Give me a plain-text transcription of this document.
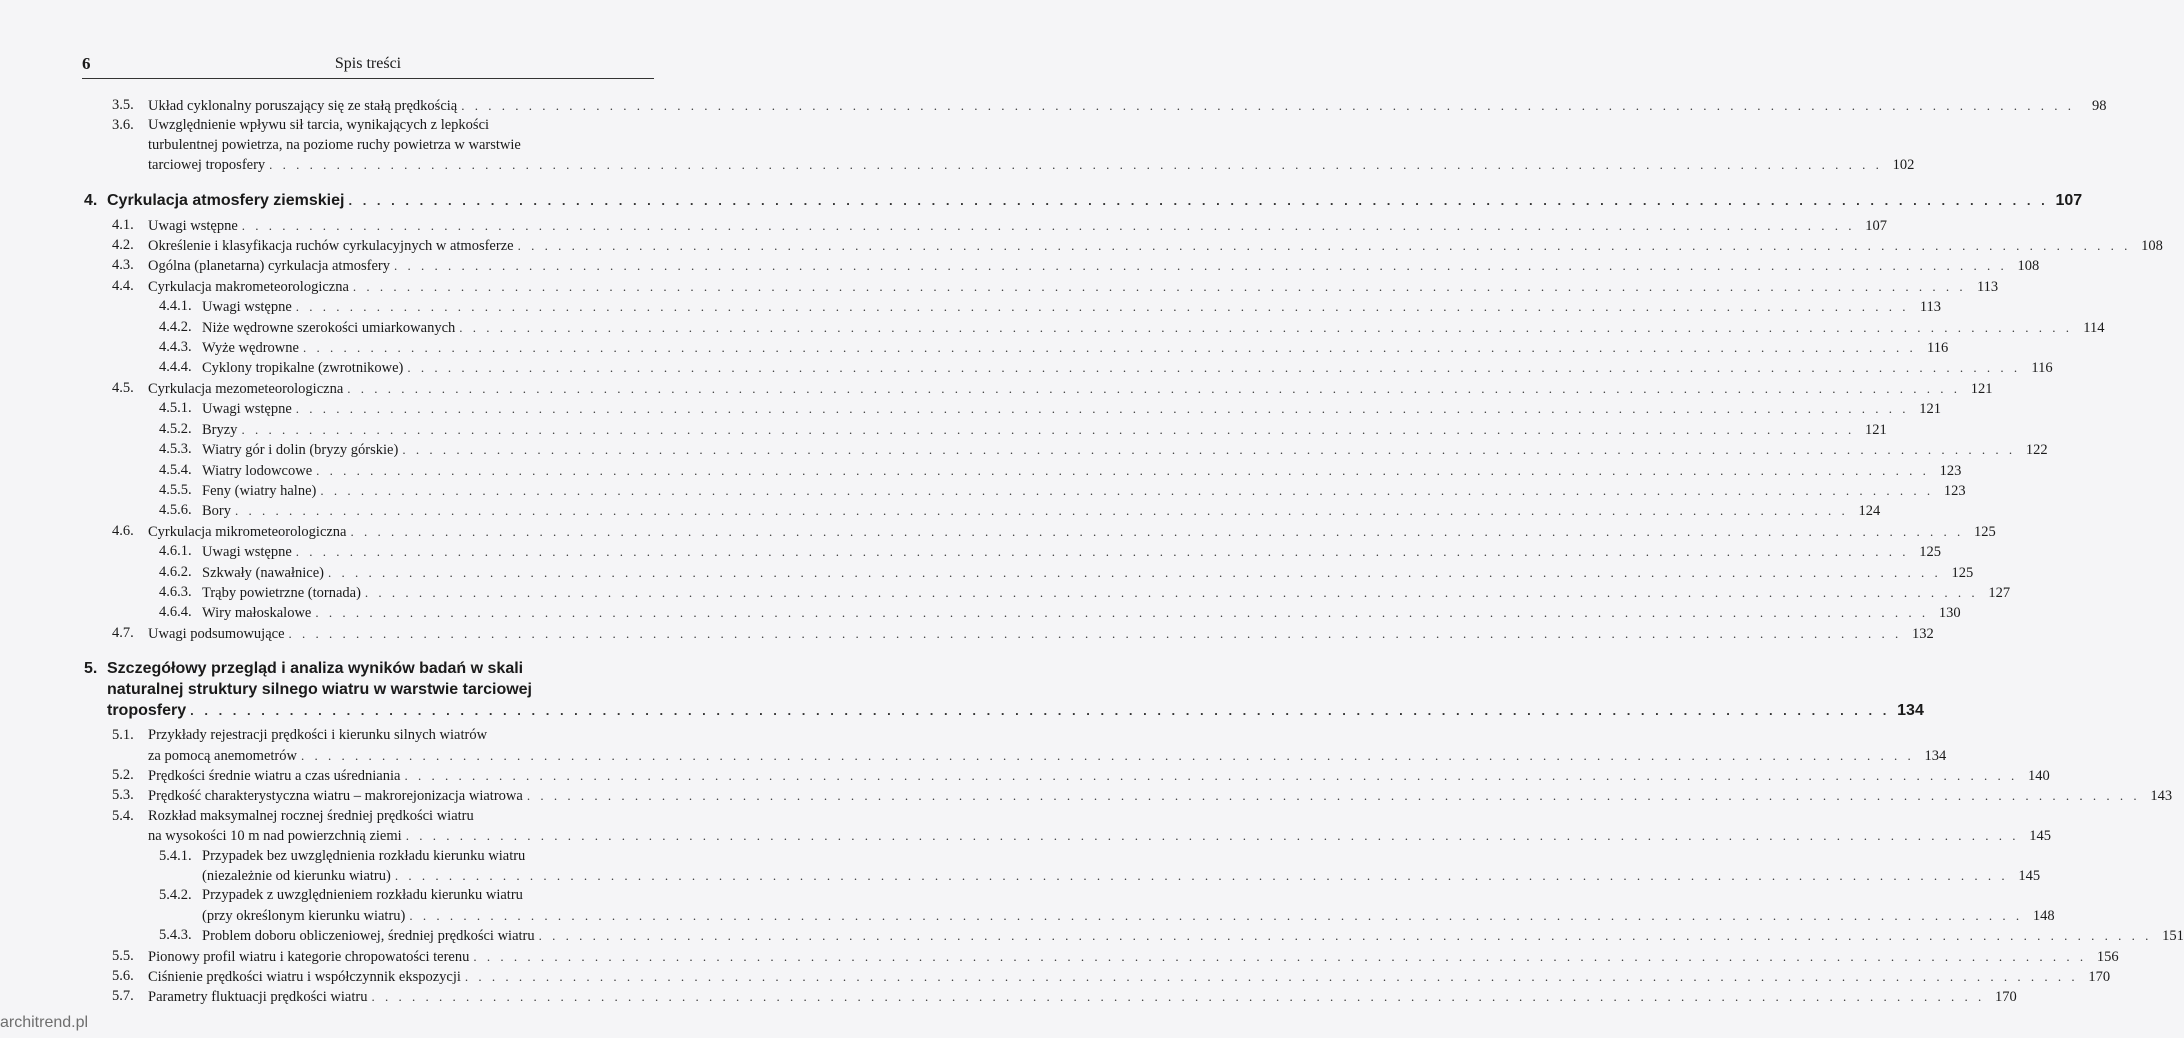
6	Spis treści
3.5. Układ cyklonalny poruszający się ze stałą prędkością . . . . . . . . . . . . . . . . . . . . . . . . . . . . . . . . . . . . . . . . . . . . . . . . . . . . . . . . . . . . . . . . . . . . . . . . . . . . . . . . . . . . . . . . . . . . . . . . . . . . . . . . . . . . . . . . . . . . . . . .	98
3.6. Uwzględnienie wpływu sił tarcia, wynikających z lepkości
turbulentnej powietrza, na poziome ruchy powietrza w warstwie
tarciowej troposfery . . . . . . . . . . . . . . . . . . . . . . . . . . . . . . . . . . . . . . . . . . . . . . . . . . . . . . . . . . . . . . . . . . . . . . . . . . . . . . . . . . . . . . . . . . . . . . . . . . . . . . . . . . . . . . . . . . . . . . . . 102
4. Cyrkulacja atmosfery ziemskiej . . . . . . . . . . . . . . . . . . . . . . . . . . . . . . . . . . . . . . . . . . . . . . . . . . . . . . . . . . . . . . . . . . . . . . . . . . . . . . . . . . . . . . . . . . . . . . . . . . . . . . . . . . . . . . . . . . . . . . . . 107
4.1. Uwagi wstępne . . . . . . . . . . . . . . . . . . . . . . . . . . . . . . . . . . . . . . . . . . . . . . . . . . . . . . . . . . . . . . . . . . . . . . . . . . . . . . . . . . . . . . . . . . . . . . . . . . . . . . . . . . . . . . . . . . . . . . . . 107
4.2. Określenie i klasyfikacja ruchów cyrkulacyjnych w atmosferze . . . . . . . . . . . . . . . . . . . . . . . . . . . . . . . . . . . . . . . . . . . . . . . . . . . . . . . . . . . . . . . . . . . . . . . . . . . . . . . . . . . . . . . . . . . . . . . . . . . . . . . . . . . . . . . . . . . . . . . . 108
4.3. Ogólna (planetarna) cyrkulacja atmosfery . . . . . . . . . . . . . . . . . . . . . . . . . . . . . . . . . . . . . . . . . . . . . . . . . . . . . . . . . . . . . . . . . . . . . . . . . . . . . . . . . . . . . . . . . . . . . . . . . . . . . . . . . . . . . . . . . . . . . . . . 108
4.4. Cyrkulacja makrometeorologiczna . . . . . . . . . . . . . . . . . . . . . . . . . . . . . . . . . . . . . . . . . . . . . . . . . . . . . . . . . . . . . . . . . . . . . . . . . . . . . . . . . . . . . . . . . . . . . . . . . . . . . . . . . . . . . . . . . . . . . . . . 113
4.4.1. Uwagi wstępne . . . . . . . . . . . . . . . . . . . . . . . . . . . . . . . . . . . . . . . . . . . . . . . . . . . . . . . . . . . . . . . . . . . . . . . . . . . . . . . . . . . . . . . . . . . . . . . . . . . . . . . . . . . . . . . . . . . . . . . . 113
4.4.2. Niże wędrowne szerokości umiarkowanych . . . . . . . . . . . . . . . . . . . . . . . . . . . . . . . . . . . . . . . . . . . . . . . . . . . . . . . . . . . . . . . . . . . . . . . . . . . . . . . . . . . . . . . . . . . . . . . . . . . . . . . . . . . . . . . . . . . . . . . . 114
4.4.3. Wyże wędrowne . . . . . . . . . . . . . . . . . . . . . . . . . . . . . . . . . . . . . . . . . . . . . . . . . . . . . . . . . . . . . . . . . . . . . . . . . . . . . . . . . . . . . . . . . . . . . . . . . . . . . . . . . . . . . . . . . . . . . . . . 116
4.4.4. Cyklony tropikalne (zwrotnikowe) . . . . . . . . . . . . . . . . . . . . . . . . . . . . . . . . . . . . . . . . . . . . . . . . . . . . . . . . . . . . . . . . . . . . . . . . . . . . . . . . . . . . . . . . . . . . . . . . . . . . . . . . . . . . . . . . . . . . . . . . 116
4.5. Cyrkulacja mezometeorologiczna . . . . . . . . . . . . . . . . . . . . . . . . . . . . . . . . . . . . . . . . . . . . . . . . . . . . . . . . . . . . . . . . . . . . . . . . . . . . . . . . . . . . . . . . . . . . . . . . . . . . . . . . . . . . . . . . . . . . . . . . 121
4.5.1. Uwagi wstępne . . . . . . . . . . . . . . . . . . . . . . . . . . . . . . . . . . . . . . . . . . . . . . . . . . . . . . . . . . . . . . . . . . . . . . . . . . . . . . . . . . . . . . . . . . . . . . . . . . . . . . . . . . . . . . . . . . . . . . . . 121
4.5.2. Bryzy . . . . . . . . . . . . . . . . . . . . . . . . . . . . . . . . . . . . . . . . . . . . . . . . . . . . . . . . . . . . . . . . . . . . . . . . . . . . . . . . . . . . . . . . . . . . . . . . . . . . . . . . . . . . . . . . . . . . . . . . 121
4.5.3. Wiatry gór i dolin (bryzy górskie) . . . . . . . . . . . . . . . . . . . . . . . . . . . . . . . . . . . . . . . . . . . . . . . . . . . . . . . . . . . . . . . . . . . . . . . . . . . . . . . . . . . . . . . . . . . . . . . . . . . . . . . . . . . . . . . . . . . . . . . . 122
4.5.4. Wiatry lodowcowe . . . . . . . . . . . . . . . . . . . . . . . . . . . . . . . . . . . . . . . . . . . . . . . . . . . . . . . . . . . . . . . . . . . . . . . . . . . . . . . . . . . . . . . . . . . . . . . . . . . . . . . . . . . . . . . . . . . . . . . . 123
4.5.5. Feny (wiatry halne) . . . . . . . . . . . . . . . . . . . . . . . . . . . . . . . . . . . . . . . . . . . . . . . . . . . . . . . . . . . . . . . . . . . . . . . . . . . . . . . . . . . . . . . . . . . . . . . . . . . . . . . . . . . . . . . . . . . . . . . . 123
4.5.6. Bory . . . . . . . . . . . . . . . . . . . . . . . . . . . . . . . . . . . . . . . . . . . . . . . . . . . . . . . . . . . . . . . . . . . . . . . . . . . . . . . . . . . . . . . . . . . . . . . . . . . . . . . . . . . . . . . . . . . . . . . . 124
4.6. Cyrkulacja mikrometeorologiczna . . . . . . . . . . . . . . . . . . . . . . . . . . . . . . . . . . . . . . . . . . . . . . . . . . . . . . . . . . . . . . . . . . . . . . . . . . . . . . . . . . . . . . . . . . . . . . . . . . . . . . . . . . . . . . . . . . . . . . . . 125
4.6.1. Uwagi wstępne . . . . . . . . . . . . . . . . . . . . . . . . . . . . . . . . . . . . . . . . . . . . . . . . . . . . . . . . . . . . . . . . . . . . . . . . . . . . . . . . . . . . . . . . . . . . . . . . . . . . . . . . . . . . . . . . . . . . . . . . 125
4.6.2. Szkwały (nawałnice) . . . . . . . . . . . . . . . . . . . . . . . . . . . . . . . . . . . . . . . . . . . . . . . . . . . . . . . . . . . . . . . . . . . . . . . . . . . . . . . . . . . . . . . . . . . . . . . . . . . . . . . . . . . . . . . . . . . . . . . . 125
4.6.3. Trąby powietrzne (tornada) . . . . . . . . . . . . . . . . . . . . . . . . . . . . . . . . . . . . . . . . . . . . . . . . . . . . . . . . . . . . . . . . . . . . . . . . . . . . . . . . . . . . . . . . . . . . . . . . . . . . . . . . . . . . . . . . . . . . . . . . 127
4.6.4. Wiry małoskalowe . . . . . . . . . . . . . . . . . . . . . . . . . . . . . . . . . . . . . . . . . . . . . . . . . . . . . . . . . . . . . . . . . . . . . . . . . . . . . . . . . . . . . . . . . . . . . . . . . . . . . . . . . . . . . . . . . . . . . . . . 130
4.7. Uwagi podsumowujące . . . . . . . . . . . . . . . . . . . . . . . . . . . . . . . . . . . . . . . . . . . . . . . . . . . . . . . . . . . . . . . . . . . . . . . . . . . . . . . . . . . . . . . . . . . . . . . . . . . . . . . . . . . . . . . . . . . . . . . . 132
5. Szczegółowy przegląd i analiza wyników badań w skali
naturalnej struktury silnego wiatru w warstwie tarciowej
troposfery . . . . . . . . . . . . . . . . . . . . . . . . . . . . . . . . . . . . . . . . . . . . . . . . . . . . . . . . . . . . . . . . . . . . . . . . . . . . . . . . . . . . . . . . . . . . . . . . . . . . . . . . . . . . . . . . . . . . . . . . 134
5.1. Przykłady rejestracji prędkości i kierunku silnych wiatrów
za pomocą anemometrów . . . . . . . . . . . . . . . . . . . . . . . . . . . . . . . . . . . . . . . . . . . . . . . . . . . . . . . . . . . . . . . . . . . . . . . . . . . . . . . . . . . . . . . . . . . . . . . . . . . . . . . . . . . . . . . . . . . . . . . . 134
5.2. Prędkości średnie wiatru a czas uśredniania . . . . . . . . . . . . . . . . . . . . . . . . . . . . . . . . . . . . . . . . . . . . . . . . . . . . . . . . . . . . . . . . . . . . . . . . . . . . . . . . . . . . . . . . . . . . . . . . . . . . . . . . . . . . . . . . . . . . . . . . 140
5.3. Prędkość charakterystyczna wiatru – makrorejonizacja wiatrowa . . . . . . . . . . . . . . . . . . . . . . . . . . . . . . . . . . . . . . . . . . . . . . . . . . . . . . . . . . . . . . . . . . . . . . . . . . . . . . . . . . . . . . . . . . . . . . . . . . . . . . . . . . . . . . . . . . . . . . . . 143
5.4. Rozkład maksymalnej rocznej średniej prędkości wiatru
na wysokości 10 m nad powierzchnią ziemi . . . . . . . . . . . . . . . . . . . . . . . . . . . . . . . . . . . . . . . . . . . . . . . . . . . . . . . . . . . . . . . . . . . . . . . . . . . . . . . . . . . . . . . . . . . . . . . . . . . . . . . . . . . . . . . . . . . . . . . . 145
5.4.1. Przypadek bez uwzględnienia rozkładu kierunku wiatru
(niezależnie od kierunku wiatru) . . . . . . . . . . . . . . . . . . . . . . . . . . . . . . . . . . . . . . . . . . . . . . . . . . . . . . . . . . . . . . . . . . . . . . . . . . . . . . . . . . . . . . . . . . . . . . . . . . . . . . . . . . . . . . . . . . . . . . . . 145
5.4.2. Przypadek z uwzględnieniem rozkładu kierunku wiatru
(przy określonym kierunku wiatru) . . . . . . . . . . . . . . . . . . . . . . . . . . . . . . . . . . . . . . . . . . . . . . . . . . . . . . . . . . . . . . . . . . . . . . . . . . . . . . . . . . . . . . . . . . . . . . . . . . . . . . . . . . . . . . . . . . . . . . . . 148
5.4.3. Problem doboru obliczeniowej, średniej prędkości wiatru . . . . . . . . . . . . . . . . . . . . . . . . . . . . . . . . . . . . . . . . . . . . . . . . . . . . . . . . . . . . . . . . . . . . . . . . . . . . . . . . . . . . . . . . . . . . . . . . . . . . . . . . . . . . . . . . . . . . . . . . 151
5.5. Pionowy profil wiatru i kategorie chropowatości terenu . . . . . . . . . . . . . . . . . . . . . . . . . . . . . . . . . . . . . . . . . . . . . . . . . . . . . . . . . . . . . . . . . . . . . . . . . . . . . . . . . . . . . . . . . . . . . . . . . . . . . . . . . . . . . . . . . . . . . . . . 156
5.6. Ciśnienie prędkości wiatru i współczynnik ekspozycji . . . . . . . . . . . . . . . . . . . . . . . . . . . . . . . . . . . . . . . . . . . . . . . . . . . . . . . . . . . . . . . . . . . . . . . . . . . . . . . . . . . . . . . . . . . . . . . . . . . . . . . . . . . . . . . . . . . . . . . . 170
5.7. Parametry fluktuacji prędkości wiatru . . . . . . . . . . . . . . . . . . . . . . . . . . . . . . . . . . . . . . . . . . . . . . . . . . . . . . . . . . . . . . . . . . . . . . . . . . . . . . . . . . . . . . . . . . . . . . . . . . . . . . . . . . . . . . . . . . . . . . . . 170
architrend.pl
